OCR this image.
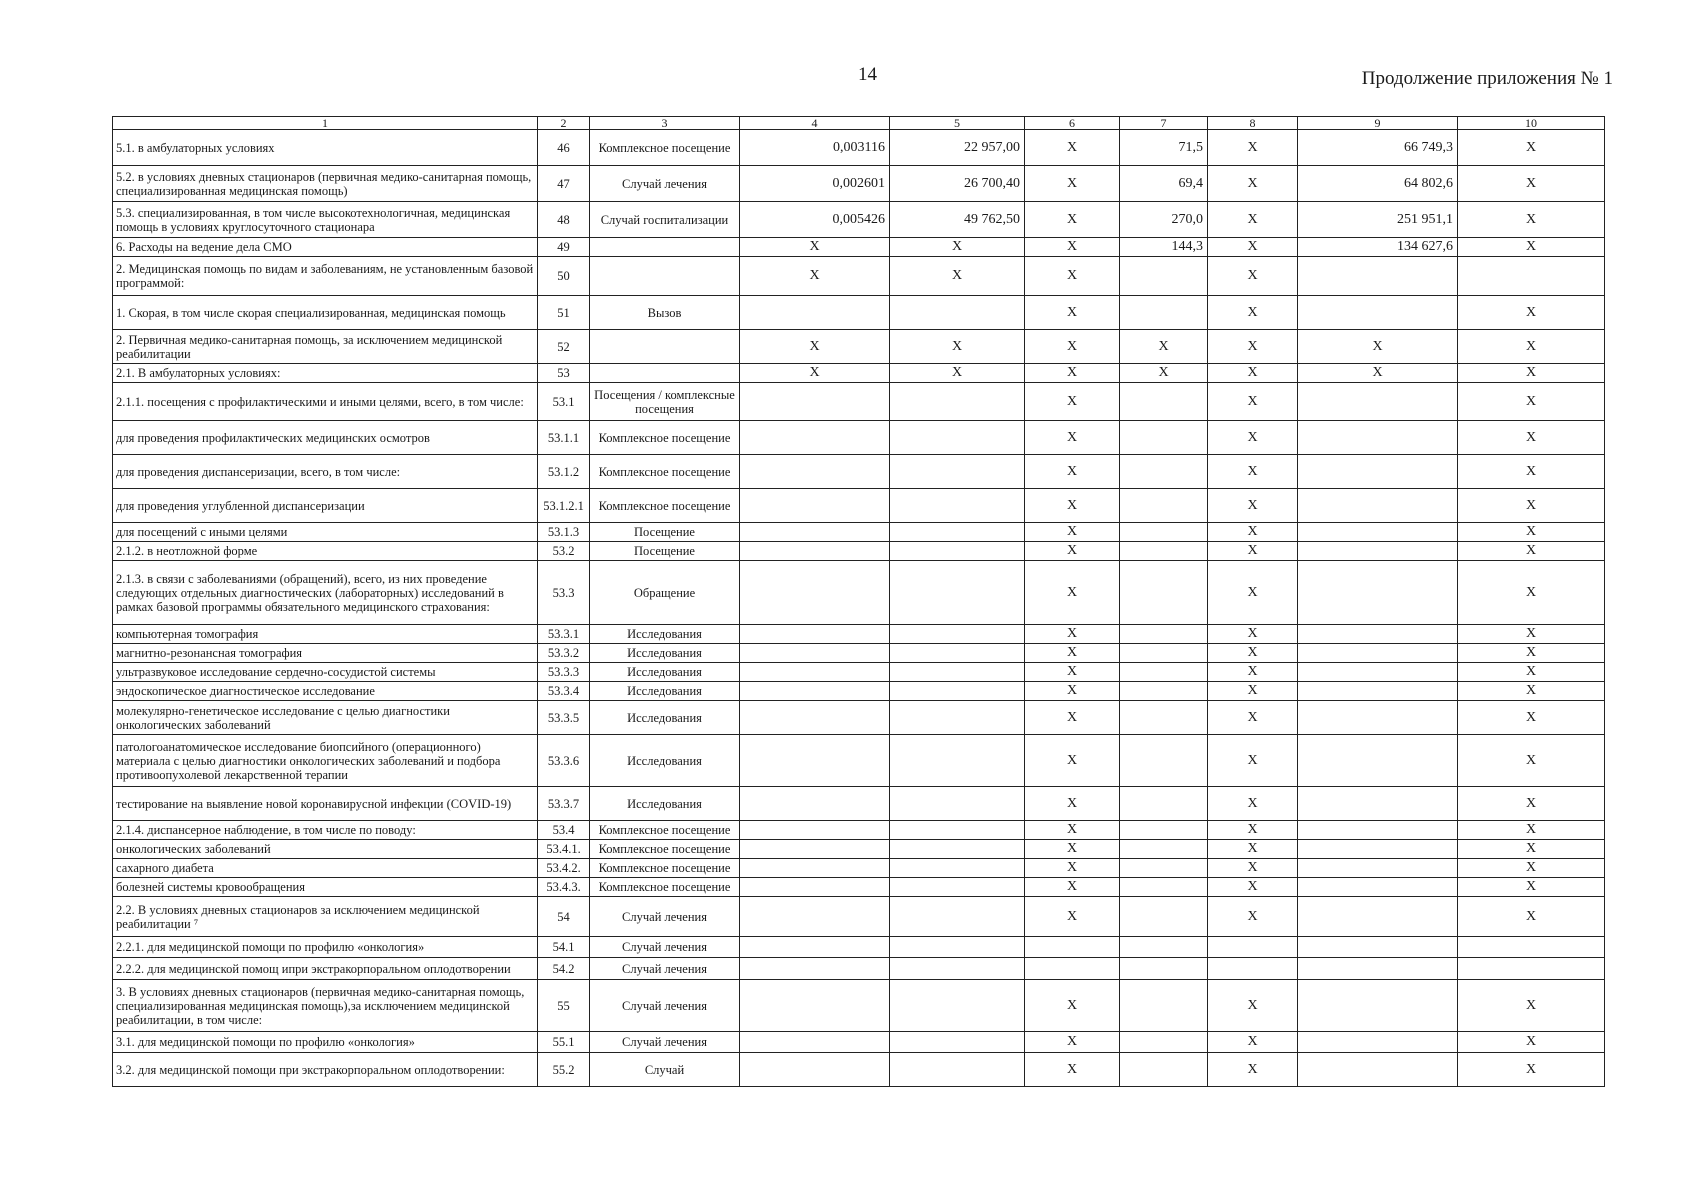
14	Продолжение приложения № 1
1	2	3	4	5	6	7	8	9	10
5.1. в амбулаторных условиях	46	Комплексное посещение	0,003116	22 957,00	X	71,5	X	66 749,3	X
5.2. в условиях дневных стационаров (первичная медико-санитарная помощь, специализированная медицинская помощь)	47	Случай лечения	0,002601	26 700,40	X	69,4	X	64 802,6	X
5.3. специализированная, в том числе высокотехнологичная, медицинская помощь в условиях круглосуточного стационара	48	Случай госпитализации	0,005426	49 762,50	X	270,0	X	251 951,1	X
6. Расходы на ведение дела СМО	49		X	X	X	144,3	X	134 627,6	X
2. Медицинская помощь по видам и заболеваниям, не установленным базовой программой:	50		X	X	X		X		
1. Скорая, в том числе скорая специализированная, медицинская помощь	51	Вызов			X		X		X
2. Первичная медико-санитарная помощь, за исключением медицинской реабилитации	52		X	X	X	X	X	X	X
2.1. В амбулаторных условиях:	53		X	X	X	X	X	X	X
2.1.1. посещения с профилактическими и иными целями, всего, в том числе:	53.1	Посещения / комплексные посещения			X		X		X
для проведения профилактических медицинских осмотров	53.1.1	Комплексное посещение			X		X		X
для проведения диспансеризации, всего, в том числе:	53.1.2	Комплексное посещение			X		X		X
для проведения углубленной диспансеризации	53.1.2.1	Комплексное посещение			X		X		X
для посещений с иными целями	53.1.3	Посещение			X		X		X
2.1.2. в неотложной форме	53.2	Посещение			X		X		X
2.1.3. в связи с заболеваниями (обращений), всего, из них проведение следующих отдельных диагностических (лабораторных) исследований в рамках базовой программы обязательного медицинского страхования:	53.3	Обращение			X		X		X
компьютерная томография	53.3.1	Исследования			X		X		X
магнитно-резонансная томография	53.3.2	Исследования			X		X		X
ультразвуковое исследование сердечно-сосудистой системы	53.3.3	Исследования			X		X		X
эндоскопическое диагностическое исследование	53.3.4	Исследования			X		X		X
молекулярно-генетическое исследование с целью диагностики онкологических заболеваний	53.3.5	Исследования			X		X		X
патологоанатомическое исследование биопсийного (операционного) материала с целью диагностики онкологических заболеваний и подбора противоопухолевой лекарственной терапии	53.3.6	Исследования			X		X		X
тестирование на выявление новой коронавирусной инфекции (COVID-19)	53.3.7	Исследования			X		X		X
2.1.4. диспансерное наблюдение, в том числе по поводу:	53.4	Комплексное посещение			X		X		X
онкологических заболеваний	53.4.1.	Комплексное посещение			X		X		X
сахарного диабета	53.4.2.	Комплексное посещение			X		X		X
болезней системы кровообращения	53.4.3.	Комплексное посещение			X		X		X
2.2. В условиях дневных стационаров за исключением медицинской реабилитации ⁷	54	Случай лечения			X		X		X
2.2.1. для медицинской помощи по профилю «онкология»	54.1	Случай лечения							
2.2.2. для медицинской помощ ипри экстракорпоральном оплодотворении	54.2	Случай лечения							
3. В условиях дневных стационаров (первичная медико-санитарная помощь, специализированная медицинская помощь),за исключением медицинской реабилитации, в том числе:	55	Случай лечения			X		X		X
3.1. для медицинской помощи по профилю «онкология»	55.1	Случай лечения			X		X		X
3.2. для медицинской помощи при экстракорпоральном оплодотворении:	55.2	Случай			X		X		X
